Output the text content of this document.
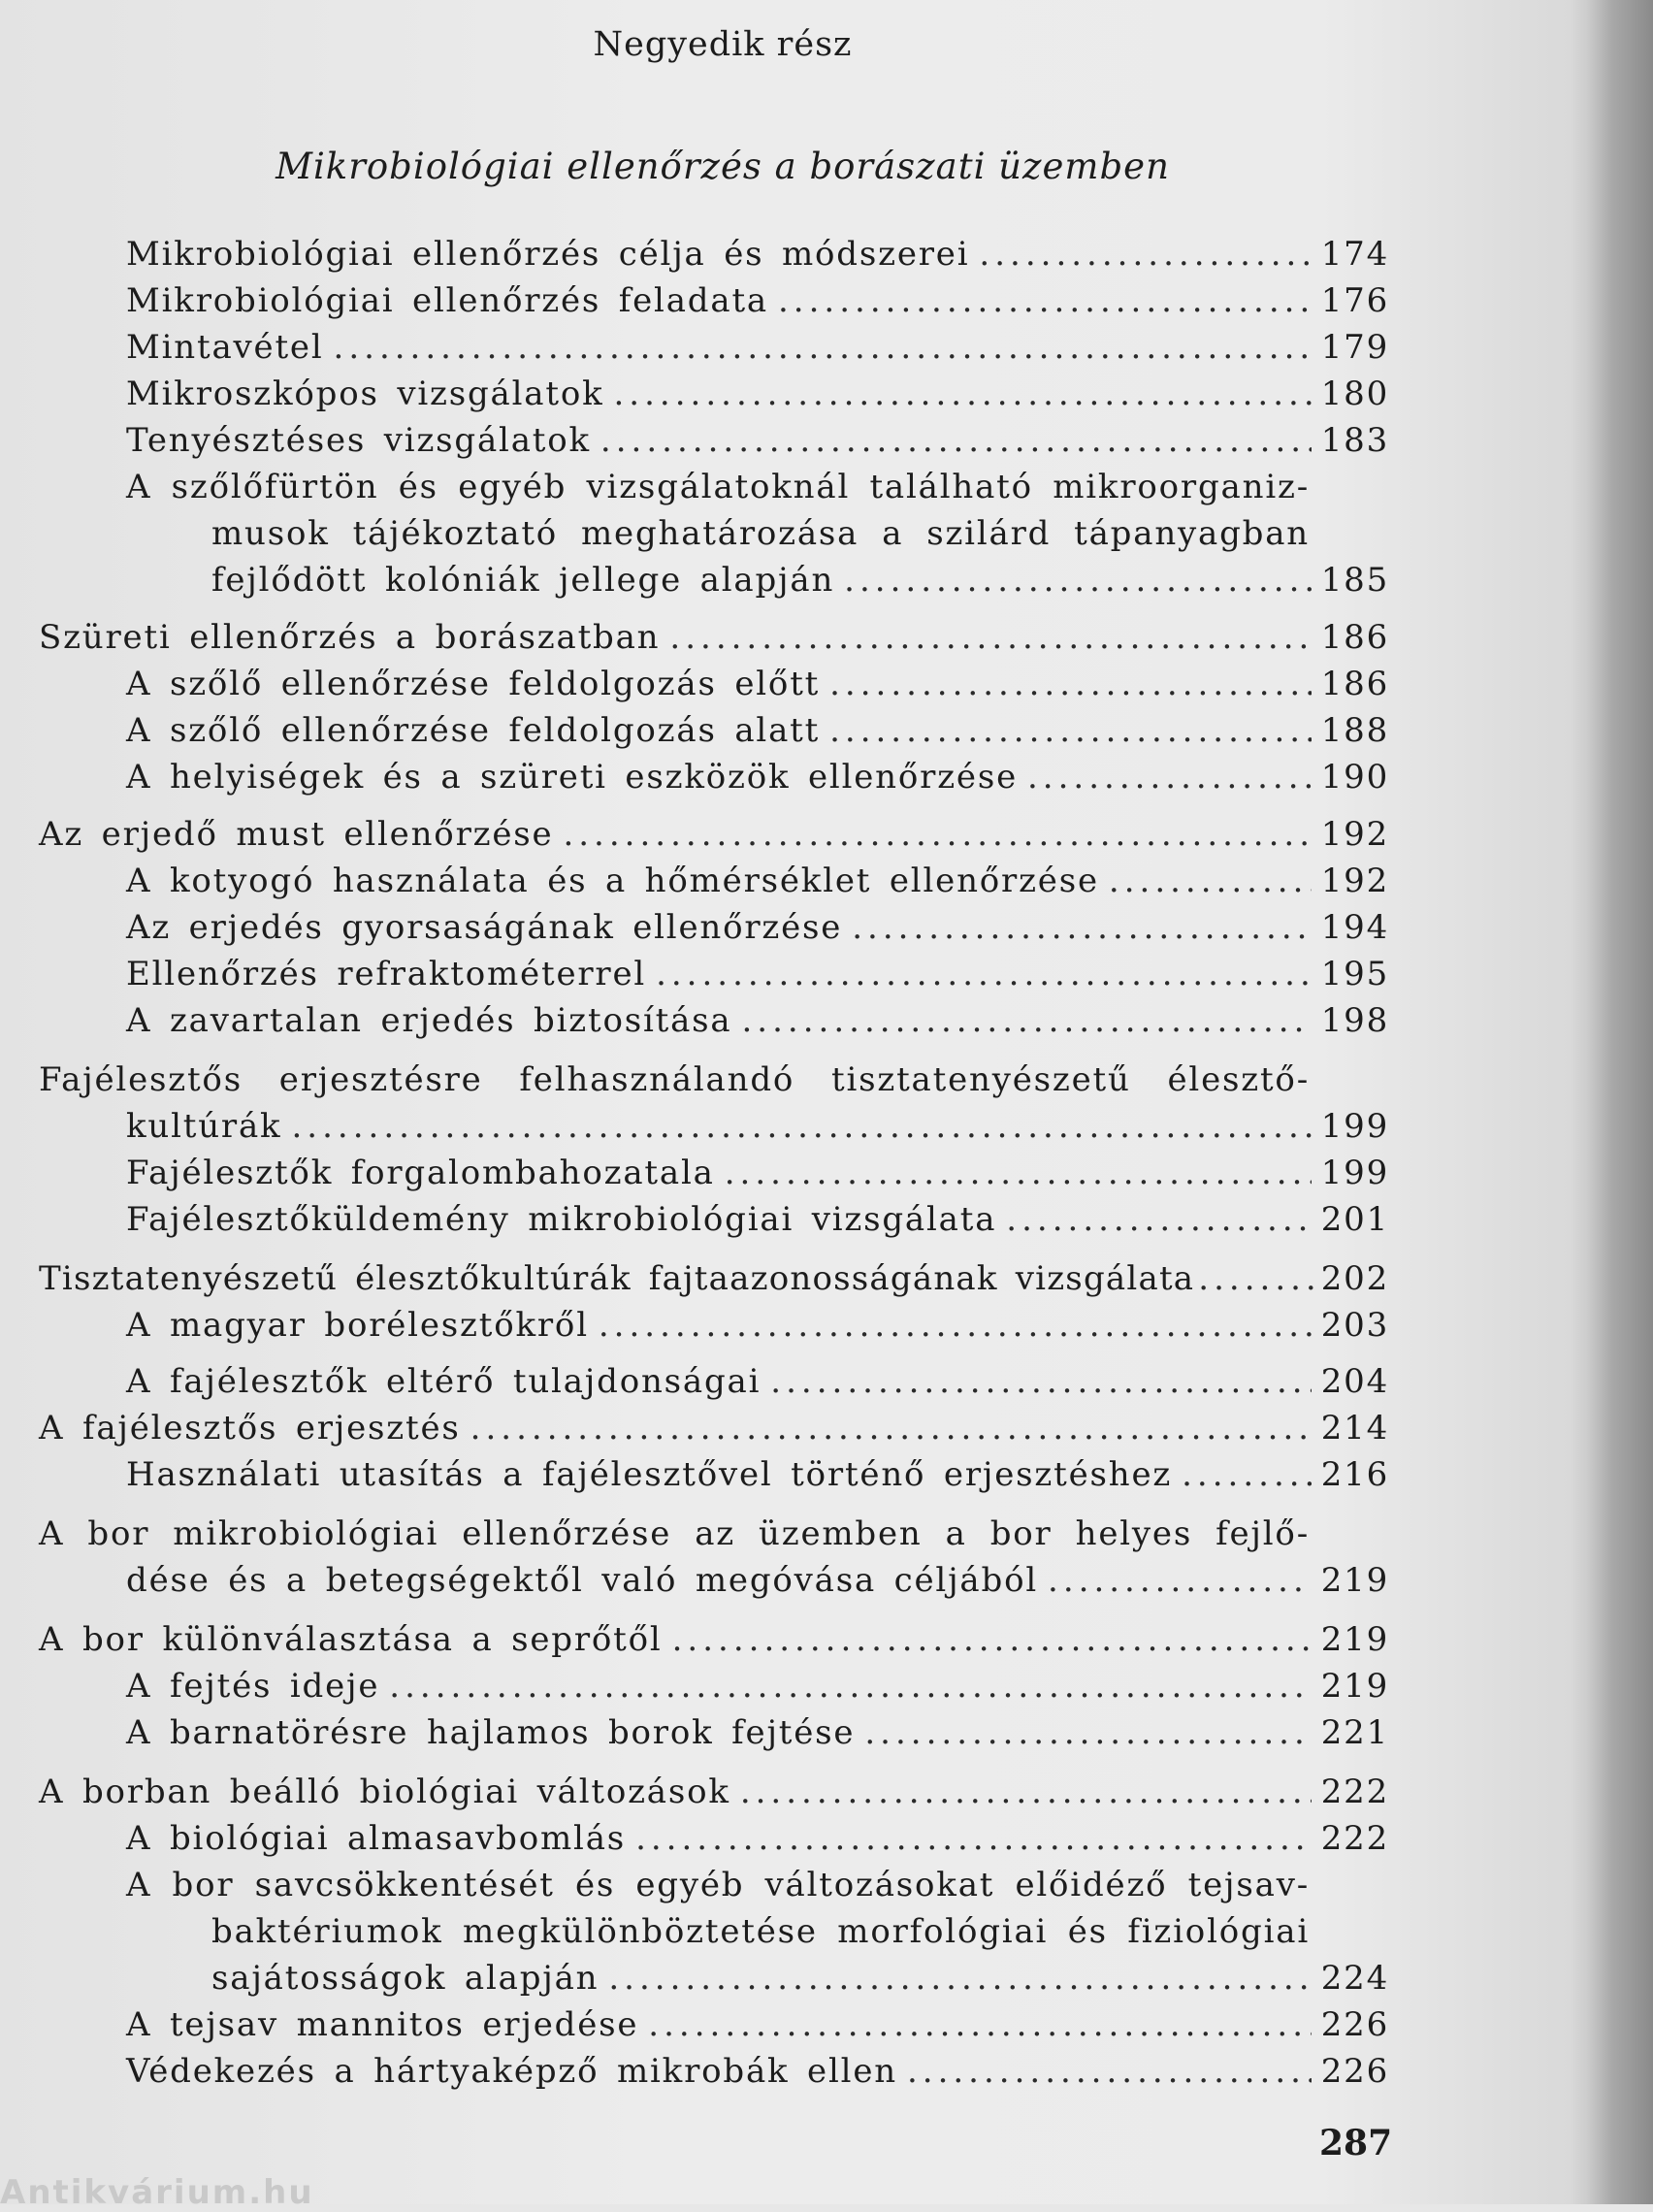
Negyedik rész
Mikrobiológiai ellenőrzés a borászati üzemben
Mikrobiológiai ellenőrzés célja és módszerei .....	174
Mikrobiológiai ellenőrzés feladata .....	176
Mintavétel .....	179
Mikroszkópos vizsgálatok .....	180
Tenyésztéses vizsgálatok .....	183
A szőlőfürtön és egyéb vizsgálatoknál található mikroorganiz-
musok tájékoztató meghatározása a szilárd tápanyagban
fejlődött kolóniák jellege alapján .....	185
Szüreti ellenőrzés a borászatban .....	186
A szőlő ellenőrzése feldolgozás előtt .....	186
A szőlő ellenőrzése feldolgozás alatt .....	188
A helyiségek és a szüreti eszközök ellenőrzése .....	190
Az erjedő must ellenőrzése .....	192
A kotyogó használata és a hőmérséklet ellenőrzése .....	192
Az erjedés gyorsaságának ellenőrzése .....	194
Ellenőrzés refraktométerrel .....	195
A zavartalan erjedés biztosítása .....	198
Fajélesztős erjesztésre felhasználandó tisztatenyészetű élesztő-
kultúrák .....	199
Fajélesztők forgalombahozatala .....	199
Fajélesztőküldemény mikrobiológiai vizsgálata .....	201
Tisztatenyészetű élesztőkultúrák fajtaazonosságának vizsgálata .....	202
A magyar borélesztőkről .....	203
A fajélesztők eltérő tulajdonságai .....	204
A fajélesztős erjesztés .....	214
Használati utasítás a fajélesztővel történő erjesztéshez .....	216
A bor mikrobiológiai ellenőrzése az üzemben a bor helyes fejlő-
dése és a betegségektől való megóvása céljából .....	219
A bor különválasztása a seprőtől .....	219
A fejtés ideje .....	219
A barnatörésre hajlamos borok fejtése .....	221
A borban beálló biológiai változások .....	222
A biológiai almasavbomlás .....	222
A bor savcsökkentését és egyéb változásokat előidéző tejsav-
baktériumok megkülönböztetése morfológiai és fiziológiai
sajátosságok alapján .....	224
A tejsav mannitos erjedése .....	226
Védekezés a hártyaképző mikrobák ellen .....	226
287
Antikvárium.hu
